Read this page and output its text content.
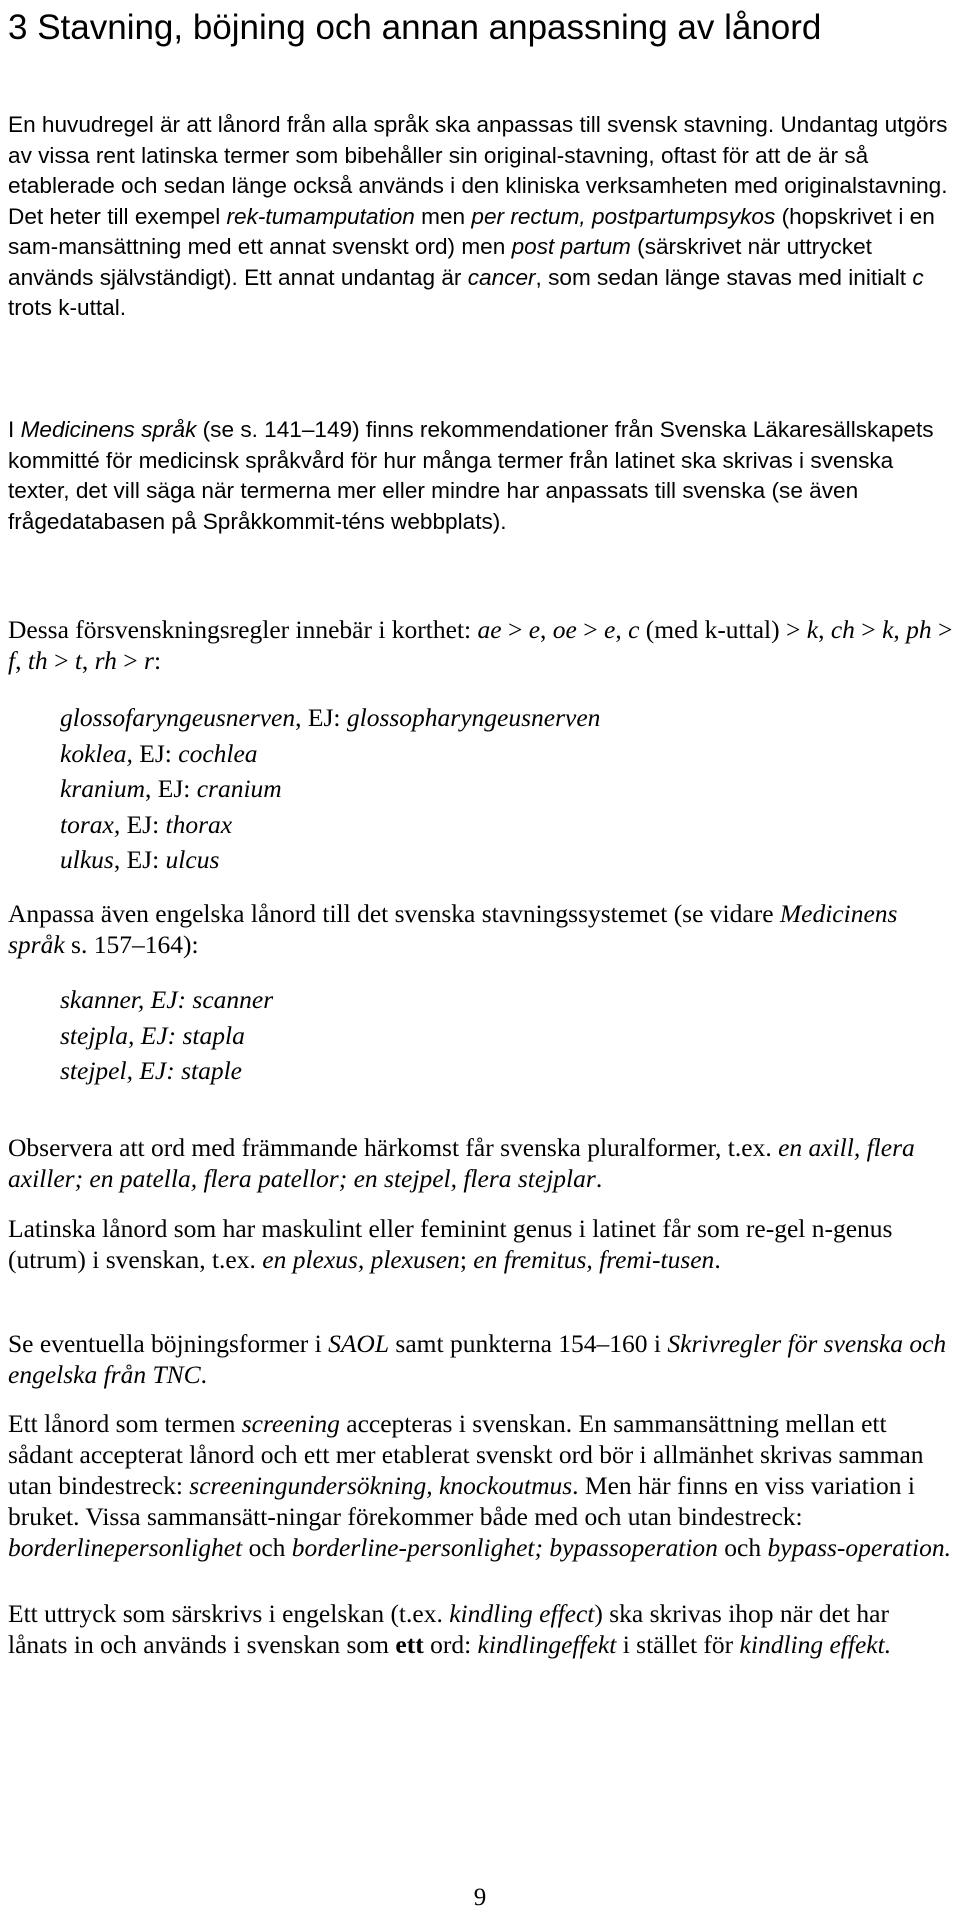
3 Stavning, böjning och annan anpassning av lånord

En huvudregel är att lånord från alla språk ska anpassas till svensk stavning. Undantag utgörs av vissa rent latinska termer som bibehåller sin original-stavning, oftast för att de är så etablerade och sedan länge också används i den kliniska verksamheten med originalstavning. Det heter till exempel rek-tumamputation men per rectum, postpartumpsykos (hopskrivet i en sam-mansättning med ett annat svenskt ord) men post partum (särskrivet när uttrycket används självständigt). Ett annat undantag är cancer, som sedan länge stavas med initialt c trots k-uttal.

I Medicinens språk (se s. 141–149) finns rekommendationer från Svenska Läkaresällskapets kommitté för medicinsk språkvård för hur många termer från latinet ska skrivas i svenska texter, det vill säga när termerna mer eller mindre har anpassats till svenska (se även frågedatabasen på Språkkommit-téns webbplats).

Dessa försvenskningsregler innebär i korthet: ae > e, oe > e, c (med k-uttal) > k, ch > k, ph > f, th > t, rh > r:

glossofaryngeusnerven, EJ: glossopharyngeusnerven
koklea, EJ: cochlea
kranium, EJ: cranium
torax, EJ: thorax
ulkus, EJ: ulcus

Anpassa även engelska lånord till det svenska stavningssystemet (se vidare Medicinens språk s. 157–164):

skanner, EJ: scanner
stejpla, EJ: stapla
stejpel, EJ: staple

Observera att ord med främmande härkomst får svenska pluralformer, t.ex. en axill, flera axiller; en patella, flera patellor; en stejpel, flera stejplar.

Latinska lånord som har maskulint eller feminint genus i latinet får som re-gel n-genus (utrum) i svenskan, t.ex. en plexus, plexusen; en fremitus, fremi-tusen.

Se eventuella böjningsformer i SAOL samt punkterna 154–160 i Skrivregler för svenska och engelska från TNC.

Ett lånord som termen screening accepteras i svenskan. En sammansättning mellan ett sådant accepterat lånord och ett mer etablerat svenskt ord bör i allmänhet skrivas samman utan bindestreck: screeningundersökning, knockoutmus. Men här finns en viss variation i bruket. Vissa sammansätt-ningar förekommer både med och utan bindestreck: borderlinepersonlighet och borderline-personlighet; bypassoperation och bypass-operation.

Ett uttryck som särskrivs i engelskan (t.ex. kindling effect) ska skrivas ihop när det har lånats in och används i svenskan som ett ord: kindlingeffekt i stället för kindling effekt.

9
